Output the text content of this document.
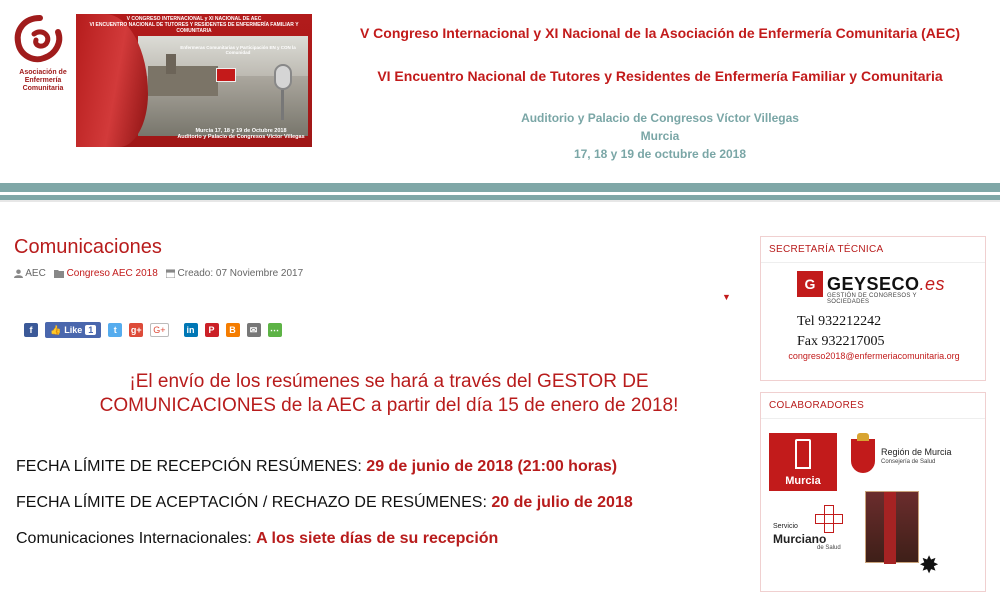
Asociación de Enfermería Comunitaria
V CONGRESO INTERNACIONAL y XI NACIONAL DE AEC
VI ENCUENTRO NACIONAL DE TUTORES Y RESIDENTES DE ENFERMERÍA FAMILIAR Y COMUNITARIA
Enfermeras Comunitarias y Participación EN y CON la Comunidad
Murcia 17, 18 y 19 de Octubre 2018
Auditorio y Palacio de Congresos Víctor Villegas
V Congreso Internacional y XI Nacional de la Asociación de Enfermería Comunitaria (AEC)
VI Encuentro Nacional de Tutores y Residentes de Enfermería Familiar y Comunitaria
Auditorio y Palacio de Congresos Víctor Villegas
Murcia
17, 18 y 19 de octubre de 2018
Comunicaciones
AEC	Congreso AEC 2018	Creado: 07 Noviembre 2017
▼
f	👍 Like 1	t	g+	G+	in	P	B	✉	⋯
¡El envío de los resúmenes se hará a través del GESTOR DE COMUNICACIONES de la AEC a partir del día 15 de enero de 2018!
FECHA LÍMITE DE RECEPCIÓN RESÚMENES: 29 de junio de 2018 (21:00 horas)
FECHA LÍMITE DE ACEPTACIÓN / RECHAZO DE RESÚMENES: 20 de julio de 2018
Comunicaciones Internacionales: A los siete días de su recepción
SECRETARÍA TÉCNICA
G GEYSECO.es
GESTIÓN DE CONGRESOS Y SOCIEDADES
Tel 932212242
Fax 932217005
congreso2018@enfermeriacomunitaria.org
COLABORADORES
Murcia
Región de Murcia
Consejería de Salud
Servicio
Murciano
de Salud
✸
